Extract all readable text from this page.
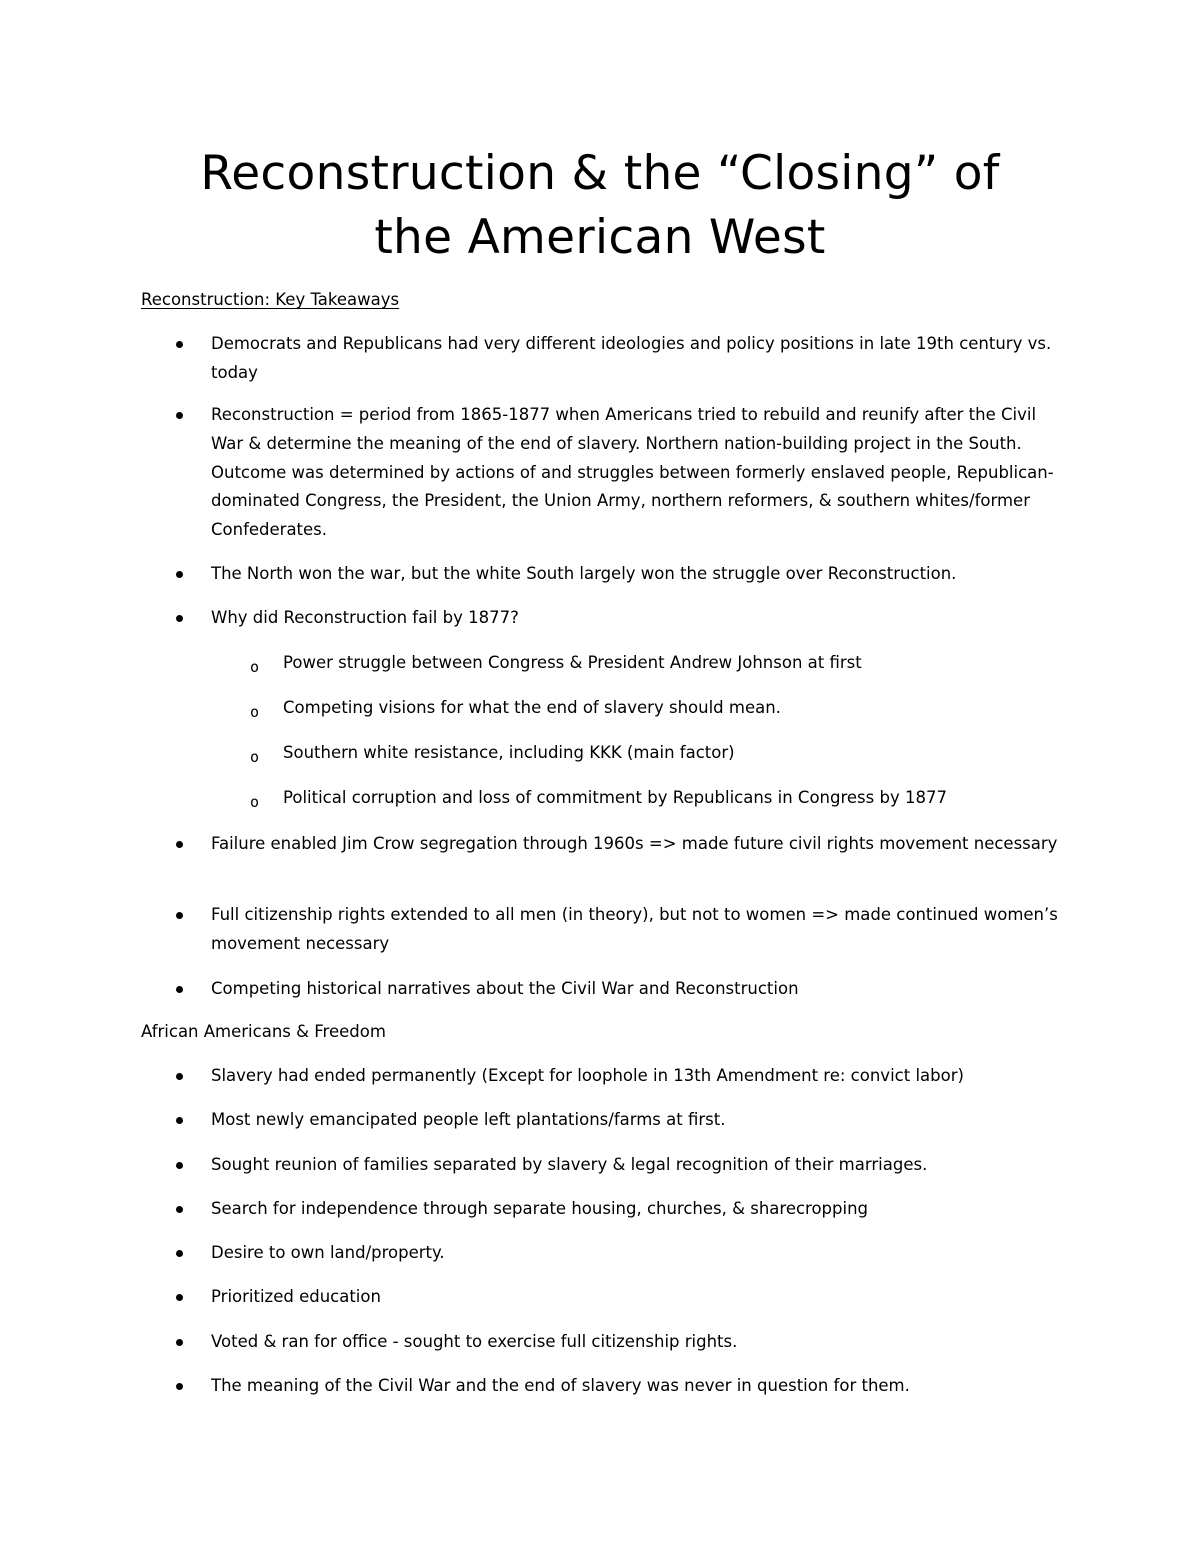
Reconstruction & the “Closing” of
the American West

Reconstruction: Key Takeaways

Democrats and Republicans had very different ideologies and policy positions in late 19th century vs. today
Reconstruction = period from 1865-1877 when Americans tried to rebuild and reunify after the Civil War & determine the meaning of the end of slavery. Northern nation-building project in the South. Outcome was determined by actions of and struggles between formerly enslaved people, Republican-dominated Congress, the President, the Union Army, northern reformers, & southern whites/former Confederates.
The North won the war, but the white South largely won the struggle over Reconstruction.
Why did Reconstruction fail by 1877?
o Power struggle between Congress & President Andrew Johnson at first
o Competing visions for what the end of slavery should mean.
o Southern white resistance, including KKK (main factor)
o Political corruption and loss of commitment by Republicans in Congress by 1877
Failure enabled Jim Crow segregation through 1960s => made future civil rights movement necessary
Full citizenship rights extended to all men (in theory), but not to women => made continued women’s movement necessary
Competing historical narratives about the Civil War and Reconstruction

African Americans & Freedom

Slavery had ended permanently (Except for loophole in 13th Amendment re: convict labor)
Most newly emancipated people left plantations/farms at first.
Sought reunion of families separated by slavery & legal recognition of their marriages.
Search for independence through separate housing, churches, & sharecropping
Desire to own land/property.
Prioritized education
Voted & ran for office - sought to exercise full citizenship rights.
The meaning of the Civil War and the end of slavery was never in question for them.
